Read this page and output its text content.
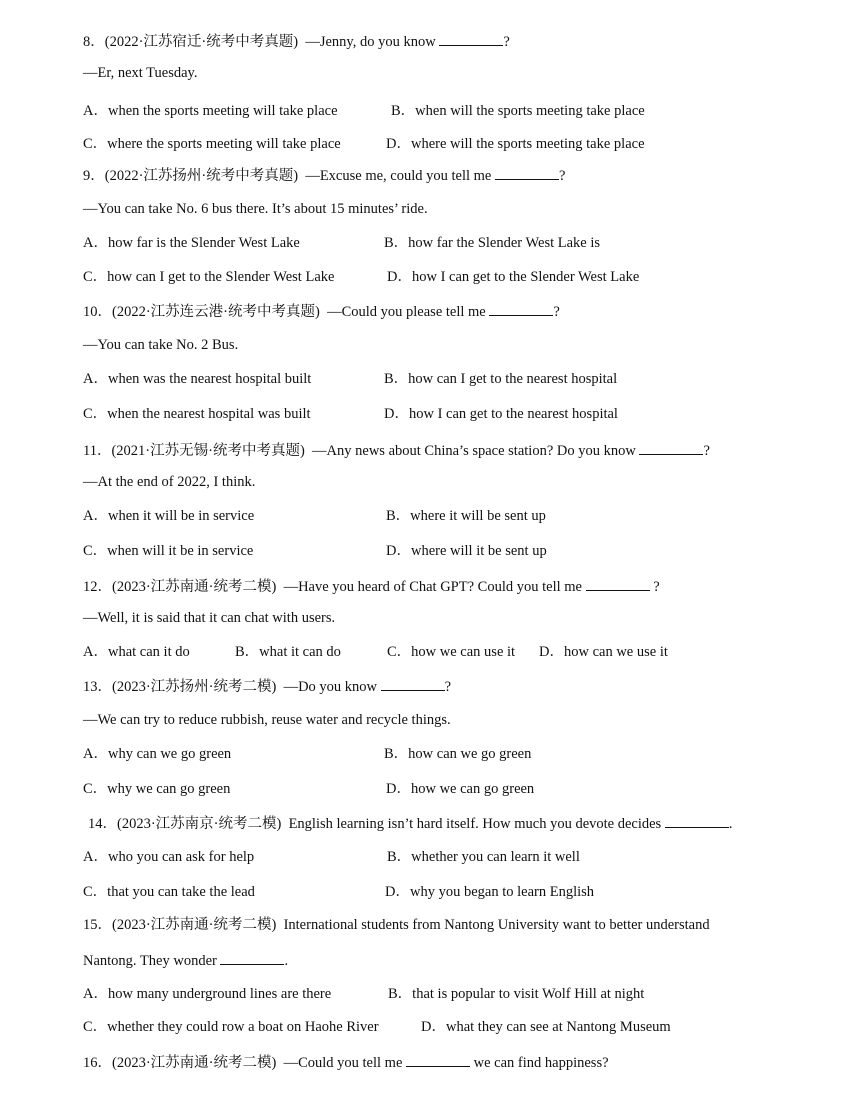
8．(2022·江苏宿迁·统考中考真题) —Jenny, do you know	?
—Er, next Tuesday.
A．when the sports meeting will take place	B．when will the sports meeting take place
C．where the sports meeting will take place	D．where will the sports meeting take place
9．(2022·江苏扬州·统考中考真题) —Excuse me, could you tell me	?
—You can take No. 6 bus there. It’s about 15 minutes’ ride.
A．how far is the Slender West Lake	B．how far the Slender West Lake is
C．how can I get to the Slender West Lake	D．how I can get to the Slender West Lake
10．(2022·江苏连云港·统考中考真题) —Could you please tell me	?
—You can take No. 2 Bus.
A．when was the nearest hospital built	B．how can I get to the nearest hospital
C．when the nearest hospital was built	D．how I can get to the nearest hospital
11．(2021·江苏无锡·统考中考真题) —Any news about China’s space station? Do you know	?
—At the end of 2022, I think.
A．when it will be in service	B．where it will be sent up
C．when will it be in service	D．where will it be sent up
12．(2023·江苏南通·统考二模) —Have you heard of Chat GPT? Could you tell me	?
—Well, it is said that it can chat with users.
A．what can it do	B．what it can do	C．how we can use it D．how can we use it
13．(2023·江苏扬州·统考二模) —Do you know	?
—We can try to reduce rubbish, reuse water and recycle things.
A．why can we go green	B．how can we go green
C．why we can go green	D．how we can go green
14．(2023·江苏南京·统考二模) English learning isn’t hard itself. How much you devote decides	.
A．who you can ask for help	B．whether you can learn it well
C．that you can take the lead	D．why you began to learn English
15．(2023·江苏南通·统考二模) International students from Nantong University want to better understand
Nantong. They wonder	.
A．how many underground lines are there	B．that is popular to visit Wolf Hill at night
C．whether they could row a boat on Haohe River	D．what they can see at Nantong Museum
16．(2023·江苏南通·统考二模) —Could you tell me	we can find happiness?
